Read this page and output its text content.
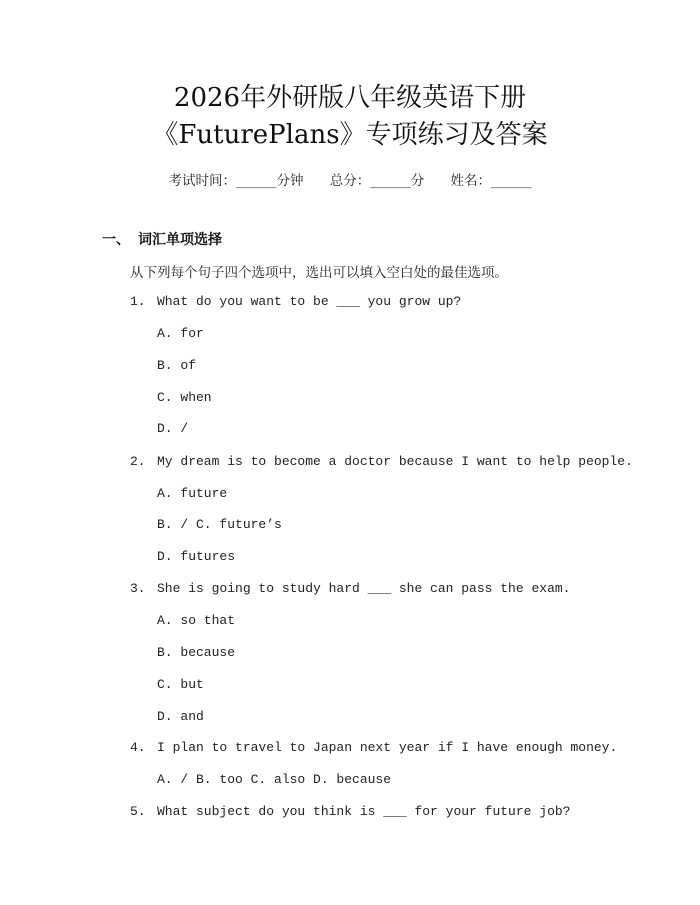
2026年外研版八年级英语下册
《FuturePlans》专项练习及答案
考试时间：______分钟 总分：______分 姓名：______
一、 词汇单项选择
从下列每个句子四个选项中，选出可以填入空白处的最佳选项。
1. What do you want to be ___ you grow up?
A. for
B. of
C. when
D. /
2. My dream is to become a doctor because I want to help people.
A. future
B. / C. future’s
D. futures
3. She is going to study hard ___ she can pass the exam.
A. so that
B. because
C. but
D. and
4. I plan to travel to Japan next year if I have enough money.
A. / B. too C. also D. because
5. What subject do you think is ___ for your future job?
